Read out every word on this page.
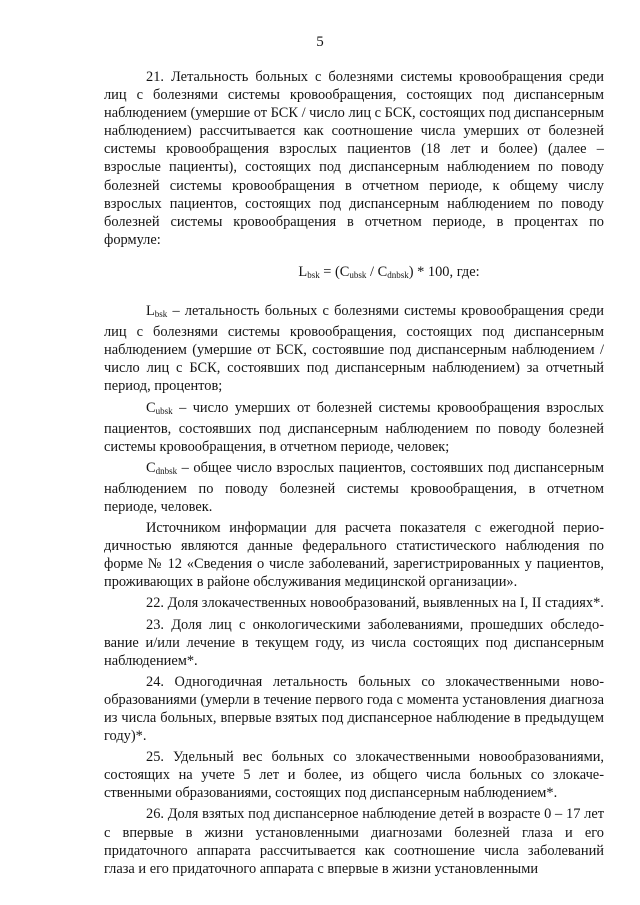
5

21. Летальность больных с болезнями системы кровообращения среди лиц с болезнями системы кровообращения, состоящих под диспансерным наблюдением (умершие от БСК / число лиц с БСК, состоящих под диспансерным наблюдением) рассчитывается как соотношение числа умерших от болезней системы кровообращения взрослых пациентов (18 лет и более) (далее – взрослые пациенты), состоящих под диспансерным наблюдением по поводу болезней системы кровообращения в отчетном периоде, к общему числу взрослых пациентов, состоящих под диспансерным наблюдением по поводу болезней системы кровообращения в отчетном периоде, в процентах по формуле:

$L_{bsk} = (C_{ubsk} / C_{dnbsk}) * 100$, где:

$L_{bsk}$ – летальность больных с болезнями системы кровообращения среди лиц с болезнями системы кровообращения, состоящих под диспансерным наблюдением (умершие от БСК, состоявшие под диспансерным наблюдением / число лиц с БСК, состоявших под диспансерным наблюдением) за отчетный период, процентов;

$C_{ubsk}$ – число умерших от болезней системы кровообращения взрослых пациентов, состоявших под диспансерным наблюдением по поводу болезней системы кровообращения, в отчетном периоде, человек;

$C_{dnbsk}$ – общее число взрослых пациентов, состоявших под диспансерным наблюдением по поводу болезней системы кровообращения, в отчетном периоде, человек.

Источником информации для расчета показателя с ежегодной периодичностью являются данные федерального статистического наблюдения по форме № 12 «Сведения о числе заболеваний, зарегистрированных у пациентов, проживающих в районе обслуживания медицинской организации».

22. Доля злокачественных новообразований, выявленных на I, II стадиях*.

23. Доля лиц с онкологическими заболеваниями, прошедших обследование и/или лечение в текущем году, из числа состоящих под диспансерным наблюдением*.

24. Одногодичная летальность больных со злокачественными новообразованиями (умерли в течение первого года с момента установления диагноза из числа больных, впервые взятых под диспансерное наблюдение в предыдущем году)*.

25. Удельный вес больных со злокачественными новообразованиями, состоящих на учете 5 лет и более, из общего числа больных со злокачественными образованиями, состоящих под диспансерным наблюдением*.

26. Доля взятых под диспансерное наблюдение детей в возрасте 0 – 17 лет с впервые в жизни установленными диагнозами болезней глаза и его придаточного аппарата рассчитывается как соотношение числа заболеваний глаза и его придаточного аппарата с впервые в жизни установленными
